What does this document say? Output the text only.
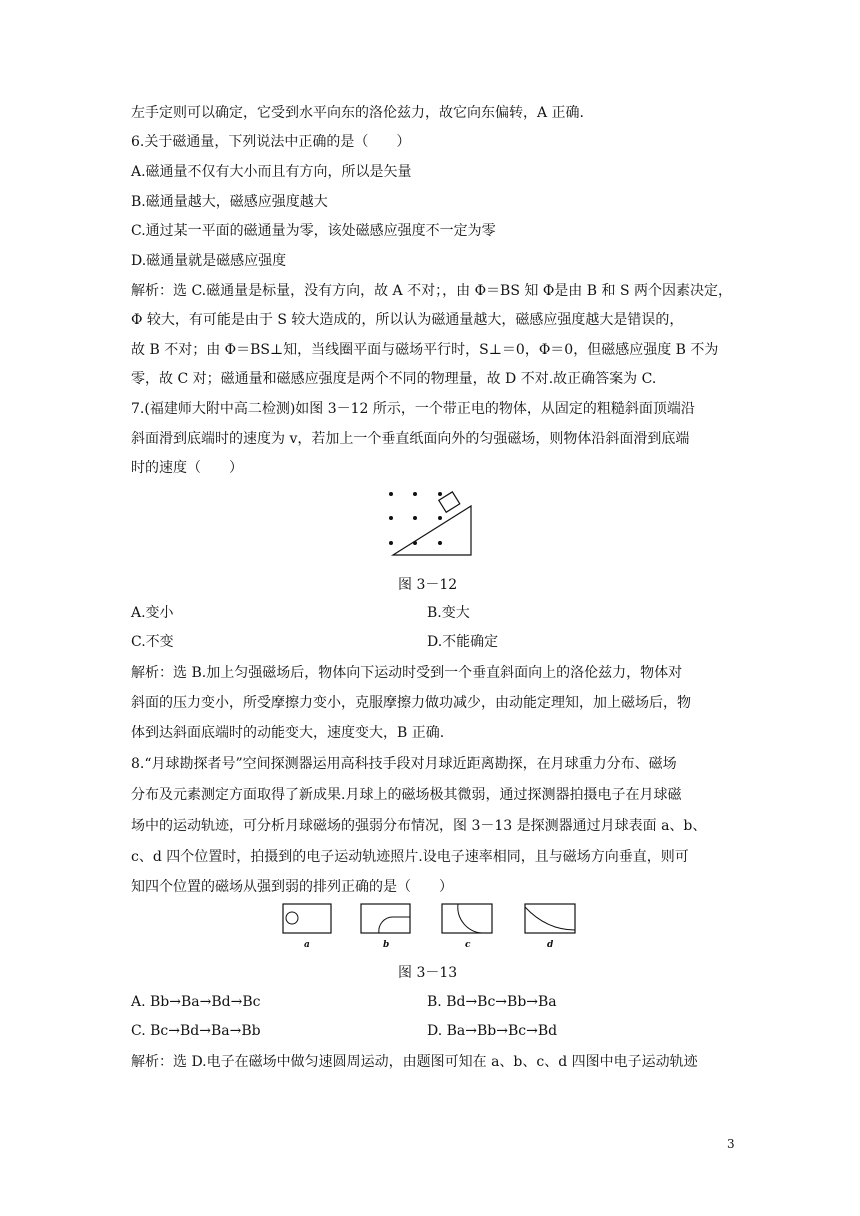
左手定则可以确定，它受到水平向东的洛伦兹力，故它向东偏转，A 正确.
6.关于磁通量，下列说法中正确的是（　　）
A.磁通量不仅有大小而且有方向，所以是矢量
B.磁通量越大，磁感应强度越大
C.通过某一平面的磁通量为零，该处磁感应强度不一定为零
D.磁通量就是磁感应强度
解析：选 C.磁通量是标量，没有方向，故 A 不对；，由 Φ＝BS 知 Φ是由 B 和 S 两个因素决定，
Φ 较大，有可能是由于 S 较大造成的，所以认为磁通量越大，磁感应强度越大是错误的，
故 B 不对；由 Φ＝BS⊥知，当线圈平面与磁场平行时，S⊥＝0，Φ＝0，但磁感应强度 B 不为
零，故 C 对；磁通量和磁感应强度是两个不同的物理量，故 D 不对.故正确答案为 C.
7.(福建师大附中高二检测)如图 3－12 所示，一个带正电的物体，从固定的粗糙斜面顶端沿
斜面滑到底端时的速度为 v，若加上一个垂直纸面向外的匀强磁场，则物体沿斜面滑到底端
时的速度（　　）
图 3－12
A.变小	B.变大
C.不变	D.不能确定
解析：选 B.加上匀强磁场后，物体向下运动时受到一个垂直斜面向上的洛伦兹力，物体对
斜面的压力变小，所受摩擦力变小，克服摩擦力做功减少，由动能定理知，加上磁场后，物
体到达斜面底端时的动能变大，速度变大，B 正确.
8.“月球勘探者号”空间探测器运用高科技手段对月球近距离勘探，在月球重力分布、磁场
分布及元素测定方面取得了新成果.月球上的磁场极其微弱，通过探测器拍摄电子在月球磁
场中的运动轨迹，可分析月球磁场的强弱分布情况，图 3－13 是探测器通过月球表面 a、b、
c、d 四个位置时，拍摄到的电子运动轨迹照片.设电子速率相同，且与磁场方向垂直，则可
知四个位置的磁场从强到弱的排列正确的是（　　）
a	b	c	d
图 3－13
A. Bb→Ba→Bd→Bc	B. Bd→Bc→Bb→Ba
C. Bc→Bd→Ba→Bb	D. Ba→Bb→Bc→Bd
解析：选 D.电子在磁场中做匀速圆周运动，由题图可知在 a、b、c、d 四图中电子运动轨迹
3
